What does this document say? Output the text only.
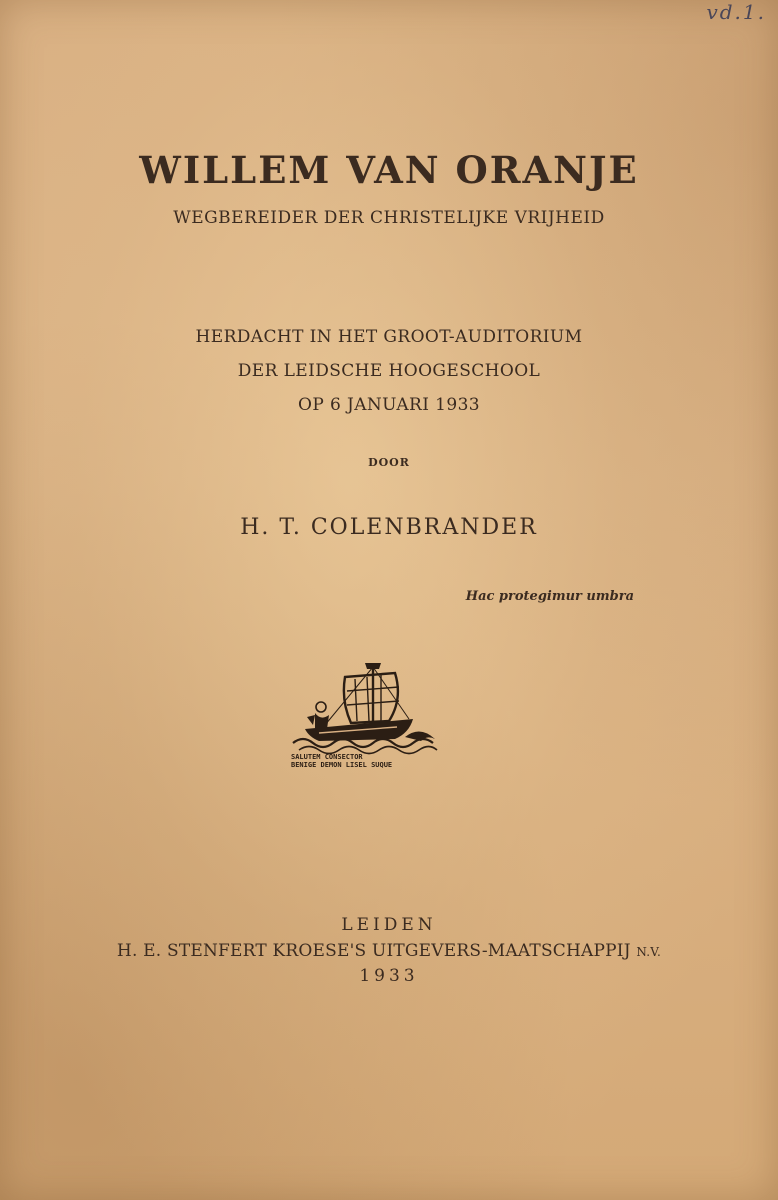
vd.1.
WILLEM VAN ORANJE
WEGBEREIDER DER CHRISTELIJKE VRIJHEID
HERDACHT IN HET GROOT-AUDITORIUM
DER LEIDSCHE HOOGESCHOOL
OP 6 JANUARI 1933
DOOR
H. T. COLENBRANDER
Hac protegimur umbra
SALUTEM CONSECTOR
BENIGE DEMON LISEL SUQUE
LEIDEN
H. E. STENFERT KROESE'S UITGEVERS-MAATSCHAPPIJ N.V.
1933
